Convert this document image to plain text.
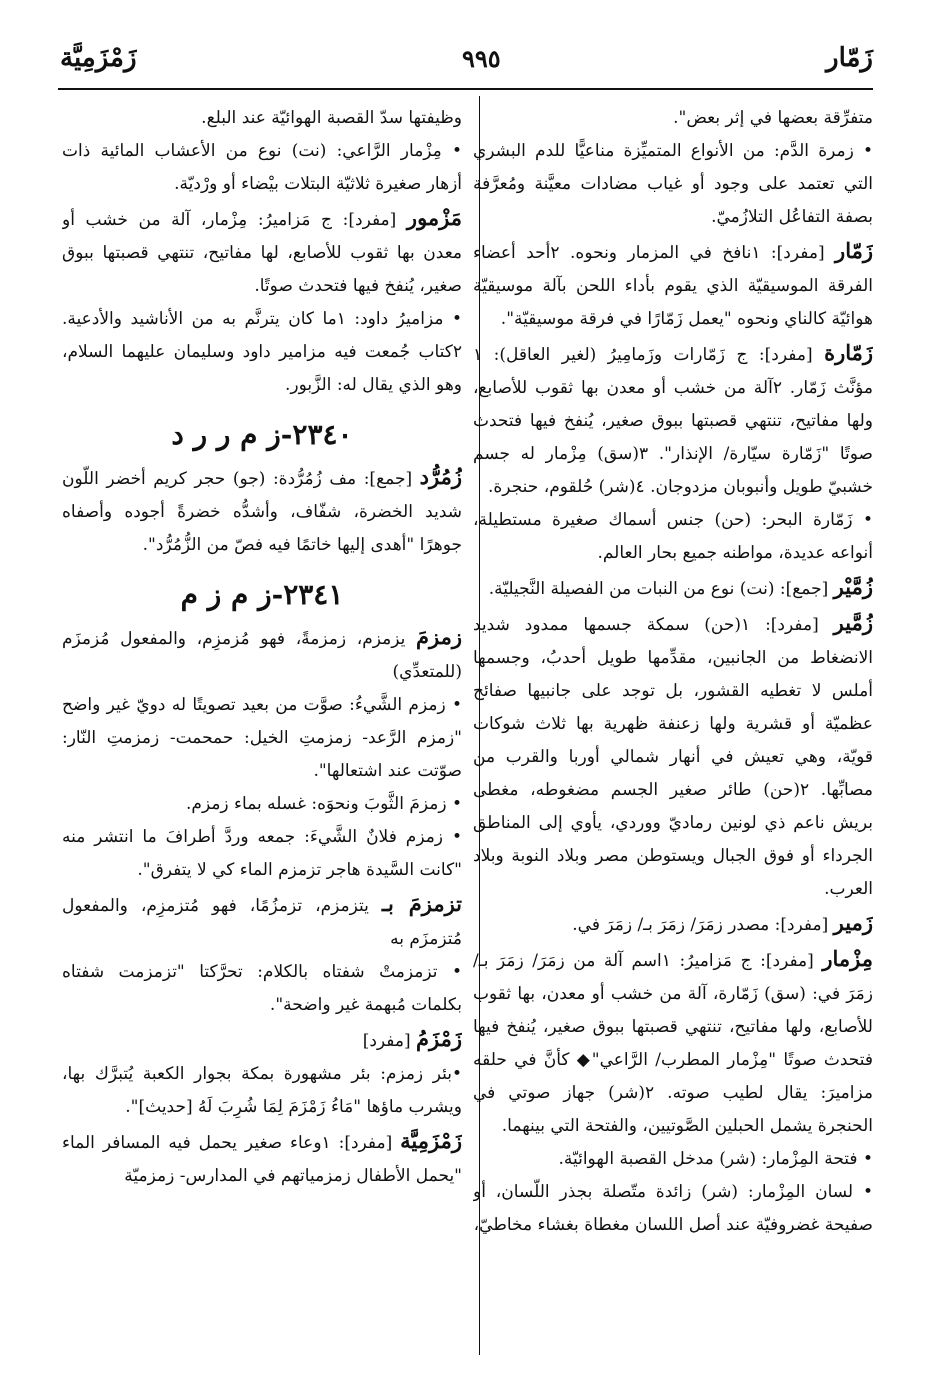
زَمّار
٩٩٥
زَمْزَمِيَّة

متفرِّقة بعضها في إثر بعض".

• زمرة الدَّم: من الأنواع المتميِّزة مناعيًّا للدم البشري التي تعتمد على وجود أو غياب مضادات معيَّنة ومُعرَّفة بصفة التفاعُل التلازُميّ.

زَمّار [مفرد]: ١نافخ في المزمار ونحوه. ٢أحد أعضاء الفرقة الموسيقيّة الذي يقوم بأداء اللحن بآلة موسيقيّة هوائيّة كالناي ونحوه "يعمل زَمّارًا في فرقة موسيقيّة".

زَمّارة [مفرد]: ج زَمّارات وزَمامِيرُ (لغير العاقل): ١ مؤنَّث زَمّار. ٢آلة من خشب أو معدن بها ثقوب للأصابع، ولها مفاتيح، تنتهي قصبتها ببوق صغير، يُنفخ فيها فتحدث صوتًا "زَمّارة سيّارة/ الإنذار". ٣(سق) مِزْمار له جسم خشبيّ طويل وأنبوبان مزدوجان. ٤(شر) حُلقوم، حنجرة.

• زَمّارة البحر: (حن) جنس أسماك صغيرة مستطيلة، أنواعه عديدة، مواطنه جميع بحار العالم.

زُمَّيْر [جمع]: (نت) نوع من النبات من الفصيلة النَّجيليّة.

زُمَّير [مفرد]: ١(حن) سمكة جسمها ممدود شديد الانضغاط من الجانبين، مقدِّمها طويل أحدبُ، وجسمها أملس لا تغطيه القشور، بل توجد على جانبيها صفائح عظميّة أو قشرية ولها زعنفة ظهرية بها ثلاث شوكات قويّة، وهي تعيش في أنهار شمالي أوربا والقرب من مصابِّها. ٢(حن) طائر صغير الجسم مضغوطه، مغطى بريش ناعم ذي لونين رماديّ ووردي، يأوي إلى المناطق الجرداء أو فوق الجبال ويستوطن مصر وبلاد النوبة وبلاد العرب.

زَمير [مفرد]: مصدر زمَرَ/ زمَرَ بـ/ زمَرَ في.

مِزْمار [مفرد]: ج مَزاميرُ: ١اسم آلة من زمَرَ/ زمَرَ بـ/ زمَرَ في: (سق) زَمّارة، آلة من خشب أو معدن، بها ثقوب للأصابع، ولها مفاتيح، تنتهي قصبتها ببوق صغير، يُنفخ فيها فتحدث صوتًا "مِزْمار المطرب/ الرَّاعي"◆ كأنَّ في حلقه مزاميرَ: يقال لطيب صوته. ٢(شر) جهاز صوتي في الحنجرة يشمل الحبلين الصَّوتيين، والفتحة التي بينهما.

• فتحة المِزْمار: (شر) مدخل القصبة الهوائيّة.

• لسان المِزْمار: (شر) زائدة متّصلة بجذر اللّسان، أو صفيحة غضروفيّة عند أصل اللسان مغطاة بغشاء مخاطيّ،

وظيفتها سدّ القصبة الهوائيّة عند البلع.

• مِزْمار الرَّاعي: (نت) نوع من الأعشاب المائية ذات أزهار صغيرة ثلاثيّة البتلات بيْضاء أو ورْديّة.

مَزْمور [مفرد]: ج مَزاميرُ: مِزْمار، آلة من خشب أو معدن بها ثقوب للأصابع، لها مفاتيح، تنتهي قصبتها ببوق صغير، يُنفخ فيها فتحدث صوتًا.

• مزاميرُ داود: ١ما كان يترنَّم به من الأناشيد والأدعية. ٢كتاب جُمعت فيه مزامير داود وسليمان عليهما السلام، وهو الذي يقال له: الزَّبور.

٢٣٤٠-ز م ر ر د

زُمُرُّد [جمع]: مف زُمُرُّدة: (جو) حجر كريم أخضر اللّون شديد الخضرة، شفّاف، وأشدُّه خضرةً أجوده وأصفاه جوهرًا "أهدى إليها خاتمًا فيه فصّ من الزُّمُرُّد".

٢٣٤١-ز م ز م

زمزمَ يزمزم، زمزمةً، فهو مُزمزِم، والمفعول مُزمزَم (للمتعدِّي)

• زمزم الشَّيءُ: صوَّت من بعيد تصويتًا له دويّ غير واضح "زمزم الرَّعد- زمزمتِ الخيل: حمحمت- زمزمتِ النّار: صوّتت عند اشتعالها".

• زمزمَ الثَّوبَ ونحوَه: غسله بماء زمزم.

• زمزم فلانٌ الشَّيءَ: جمعه وردَّ أطرافَ ما انتشر منه "كانت السَّيدة هاجر تزمزم الماء كي لا يتفرق".

تزمزمَ بـ يتزمزم، تزمزُمًا، فهو مُتزمزِم، والمفعول مُتزمزَم به

• تزمزمتْ شفتاه بالكلام: تحرَّكتا "تزمزمت شفتاه بكلمات مُبهمة غير واضحة".

زَمْزَمُ [مفرد]

•بئر زمزم: بئر مشهورة بمكة بجوار الكعبة يُتبرَّك بها، ويشرب ماؤها "مَاءُ زَمْزَمَ لِمَا شُرِبَ لَهُ [حديث]".

زَمْزَمِيَّة [مفرد]: ١وعاء صغير يحمل فيه المسافر الماء "يحمل الأطفال زمزمياتهم في المدارس- زمزميّة
